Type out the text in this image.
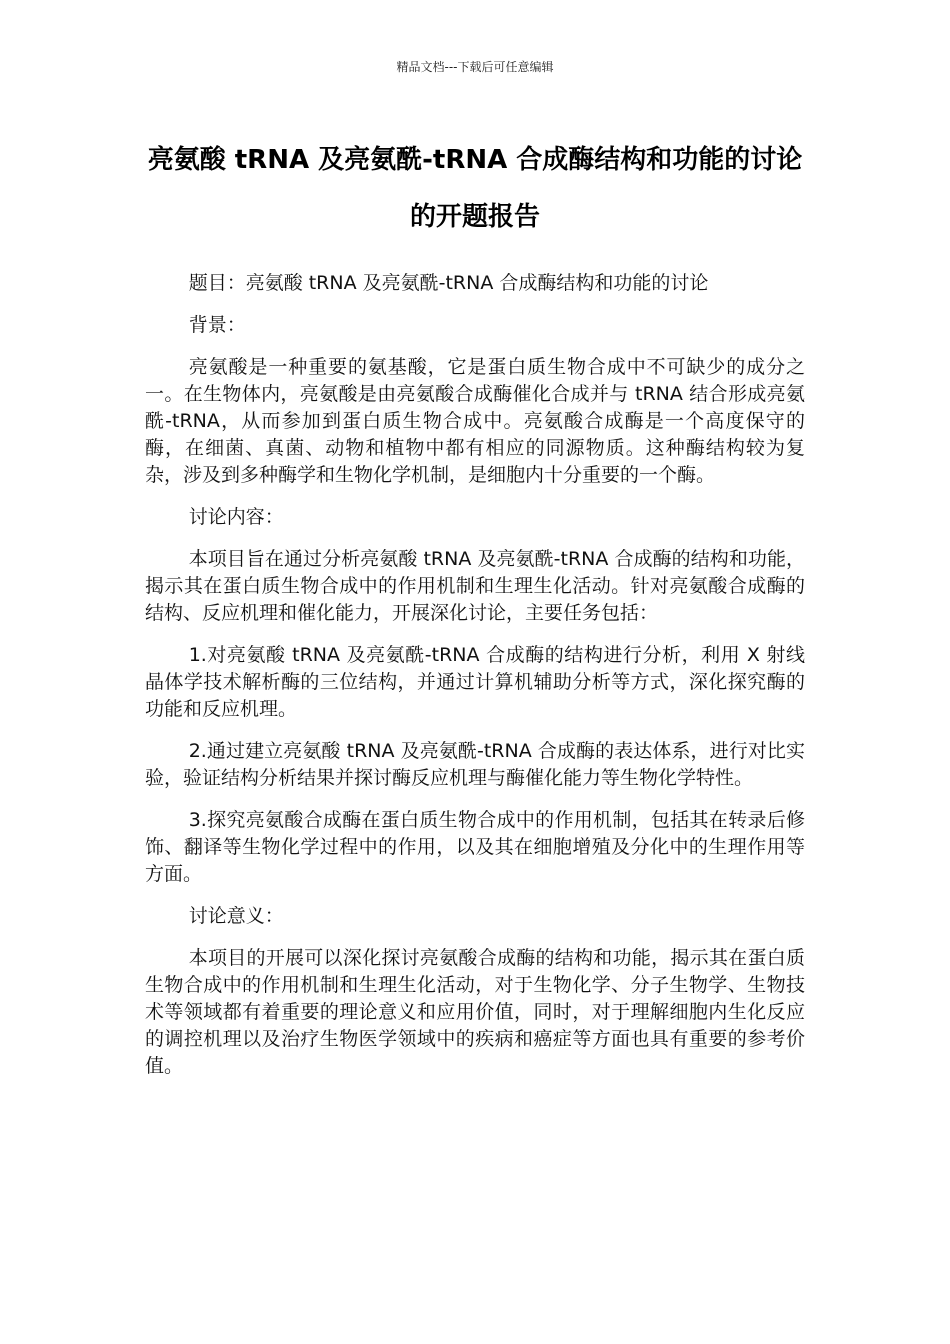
精品文档---下载后可任意编辑
亮氨酸 tRNA 及亮氨酰-tRNA 合成酶结构和功能的讨论的开题报告

题目：亮氨酸 tRNA 及亮氨酰-tRNA 合成酶结构和功能的讨论

背景：

亮氨酸是一种重要的氨基酸，它是蛋白质生物合成中不可缺少的成分之一。在生物体内，亮氨酸是由亮氨酸合成酶催化合成并与 tRNA 结合形成亮氨酰-tRNA，从而参加到蛋白质生物合成中。亮氨酸合成酶是一个高度保守的酶，在细菌、真菌、动物和植物中都有相应的同源物质。这种酶结构较为复杂，涉及到多种酶学和生物化学机制，是细胞内十分重要的一个酶。

讨论内容：

本项目旨在通过分析亮氨酸 tRNA 及亮氨酰-tRNA 合成酶的结构和功能，揭示其在蛋白质生物合成中的作用机制和生理生化活动。针对亮氨酸合成酶的结构、反应机理和催化能力，开展深化讨论，主要任务包括：

1.对亮氨酸 tRNA 及亮氨酰-tRNA 合成酶的结构进行分析，利用 X 射线晶体学技术解析酶的三位结构，并通过计算机辅助分析等方式，深化探究酶的功能和反应机理。

2.通过建立亮氨酸 tRNA 及亮氨酰-tRNA 合成酶的表达体系，进行对比实验，验证结构分析结果并探讨酶反应机理与酶催化能力等生物化学特性。

3.探究亮氨酸合成酶在蛋白质生物合成中的作用机制，包括其在转录后修饰、翻译等生物化学过程中的作用，以及其在细胞增殖及分化中的生理作用等方面。

讨论意义：

本项目的开展可以深化探讨亮氨酸合成酶的结构和功能，揭示其在蛋白质生物合成中的作用机制和生理生化活动，对于生物化学、分子生物学、生物技术等领域都有着重要的理论意义和应用价值，同时，对于理解细胞内生化反应的调控机理以及治疗生物医学领域中的疾病和癌症等方面也具有重要的参考价值。
